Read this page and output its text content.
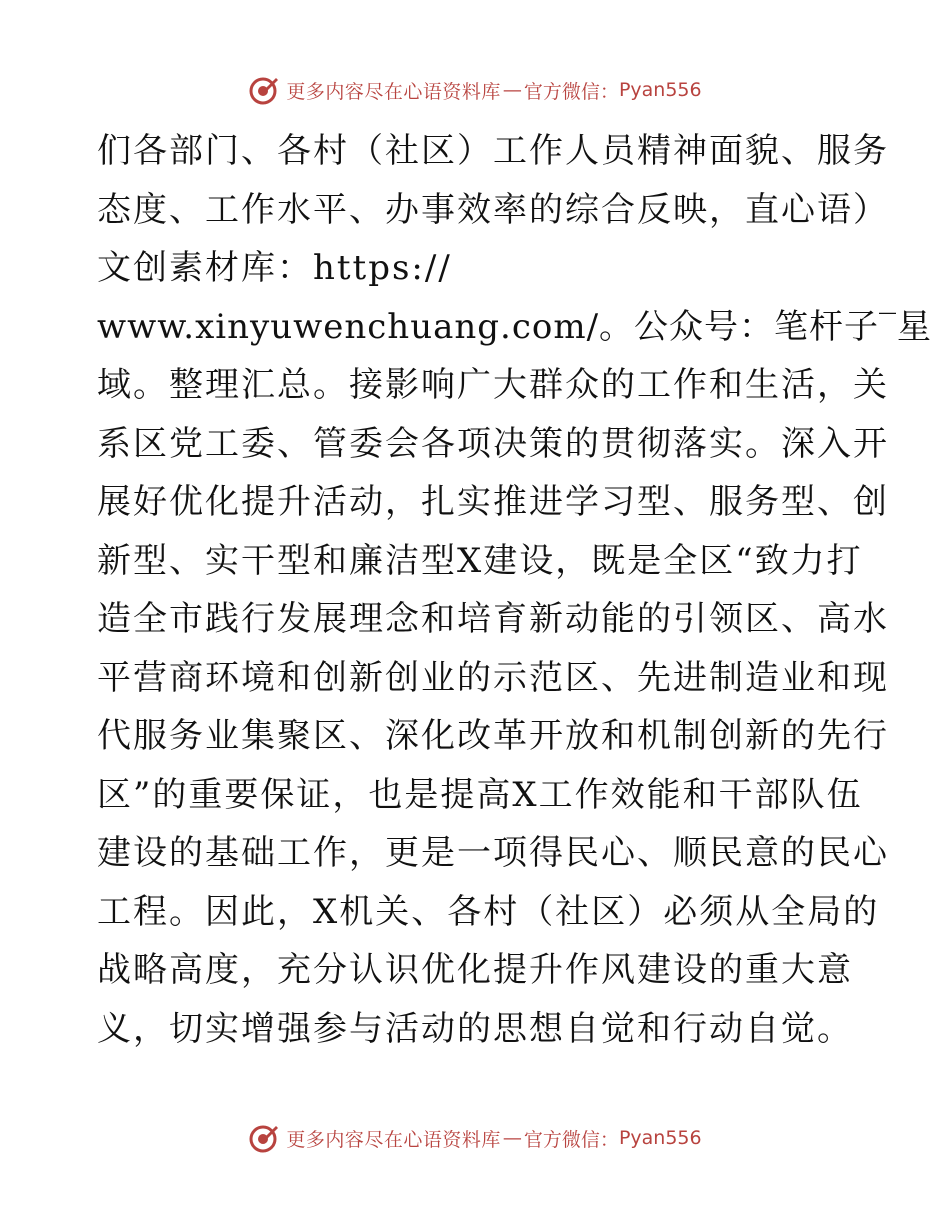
更多内容尽在心语资料库 — 官方微信： Pyan556
们各部门、各村（社区）工作人员精神面貌、服务
态度、工作水平、办事效率的综合反映，直心语）
文创素材库：https://
www.xinyuwenchuang.com/。公众号：笔杆子‾星
域。整理汇总。接影响广大群众的工作和生活，关
系区党工委、管委会各项决策的贯彻落实。深入开
展好优化提升活动，扎实推进学习型、服务型、创
新型、实干型和廉洁型X建设，既是全区“致力打
造全市践行发展理念和培育新动能的引领区、高水
平营商环境和创新创业的示范区、先进制造业和现
代服务业集聚区、深化改革开放和机制创新的先行
区”的重要保证，也是提高X工作效能和干部队伍
建设的基础工作，更是一项得民心、顺民意的民心
工程。因此，X机关、各村（社区）必须从全局的
战略高度，充分认识优化提升作风建设的重大意
义，切实增强参与活动的思想自觉和行动自觉。
更多内容尽在心语资料库 — 官方微信： Pyan556
